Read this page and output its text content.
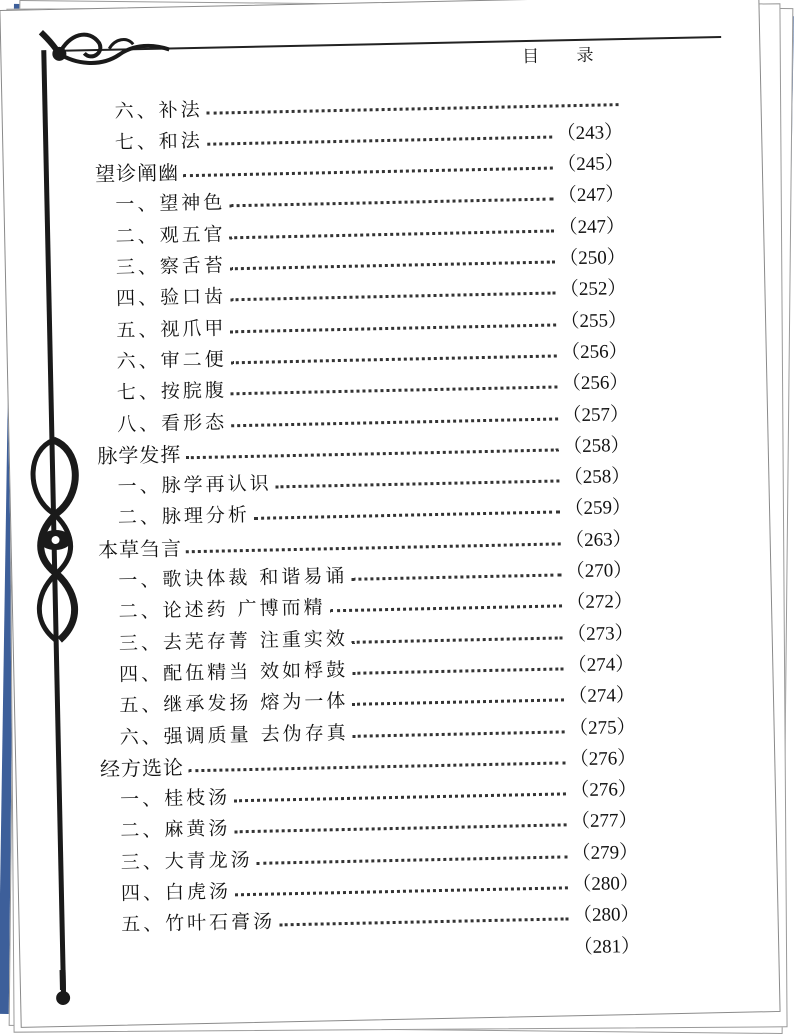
目 录
六、补法
七、和法	（243）
望诊阐幽	（245）
一、望神色	（247）
二、观五官	（247）
三、察舌苔	（250）
四、验口齿	（252）
五、视爪甲	（255）
六、审二便	（256）
七、按脘腹	（256）
八、看形态	（257）
脉学发挥	（258）
一、脉学再认识	（258）
二、脉理分析	（259）
本草刍言	（263）
一、歌诀体裁 和谐易诵	（270）
二、论述药 广博而精	（272）
三、去芜存菁 注重实效	（273）
四、配伍精当 效如桴鼓	（274）
五、继承发扬 熔为一体	（274）
六、强调质量 去伪存真	（275）
经方选论	（276）
一、桂枝汤	（276）
二、麻黄汤	（277）
三、大青龙汤	（279）
四、白虎汤	（280）
五、竹叶石膏汤	（280）
（281）
